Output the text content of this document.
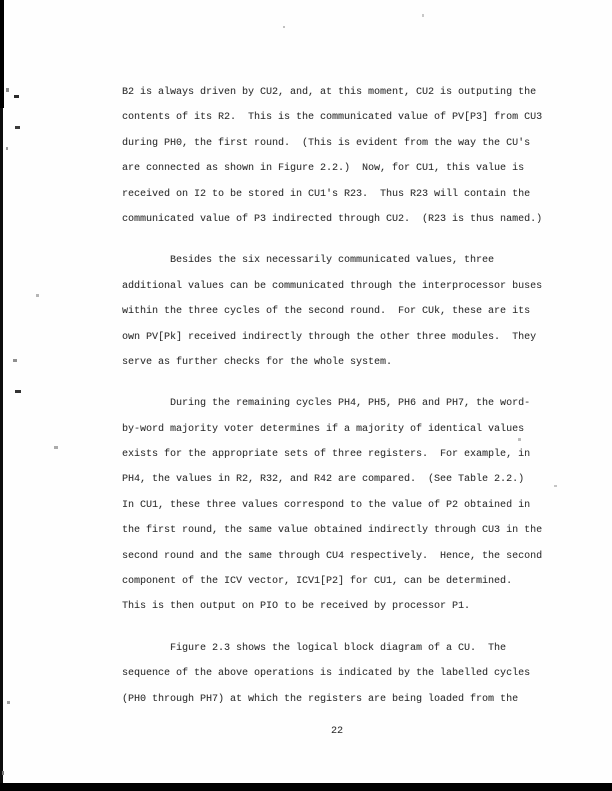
B2 is always driven by CU2, and, at this moment, CU2 is outputing the
contents of its R2.  This is the communicated value of PV[P3] from CU3
during PH0, the first round.  (This is evident from the way the CU's
are connected as shown in Figure 2.2.)  Now, for CU1, this value is
received on I2 to be stored in CU1's R23.  Thus R23 will contain the
communicated value of P3 indirected through CU2.  (R23 is thus named.)
Besides the six necessarily communicated values, three
additional values can be communicated through the interprocessor buses
within the three cycles of the second round.  For CUk, these are its
own PV[Pk] received indirectly through the other three modules.  They
serve as further checks for the whole system.
During the remaining cycles PH4, PH5, PH6 and PH7, the word-
by-word majority voter determines if a majority of identical values
exists for the appropriate sets of three registers.  For example, in
PH4, the values in R2, R32, and R42 are compared.  (See Table 2.2.)
In CU1, these three values correspond to the value of P2 obtained in
the first round, the same value obtained indirectly through CU3 in the
second round and the same through CU4 respectively.  Hence, the second
component of the ICV vector, ICV1[P2] for CU1, can be determined.
This is then output on PIO to be received by processor P1.
Figure 2.3 shows the logical block diagram of a CU.  The
sequence of the above operations is indicated by the labelled cycles
(PH0 through PH7) at which the registers are being loaded from the
22
